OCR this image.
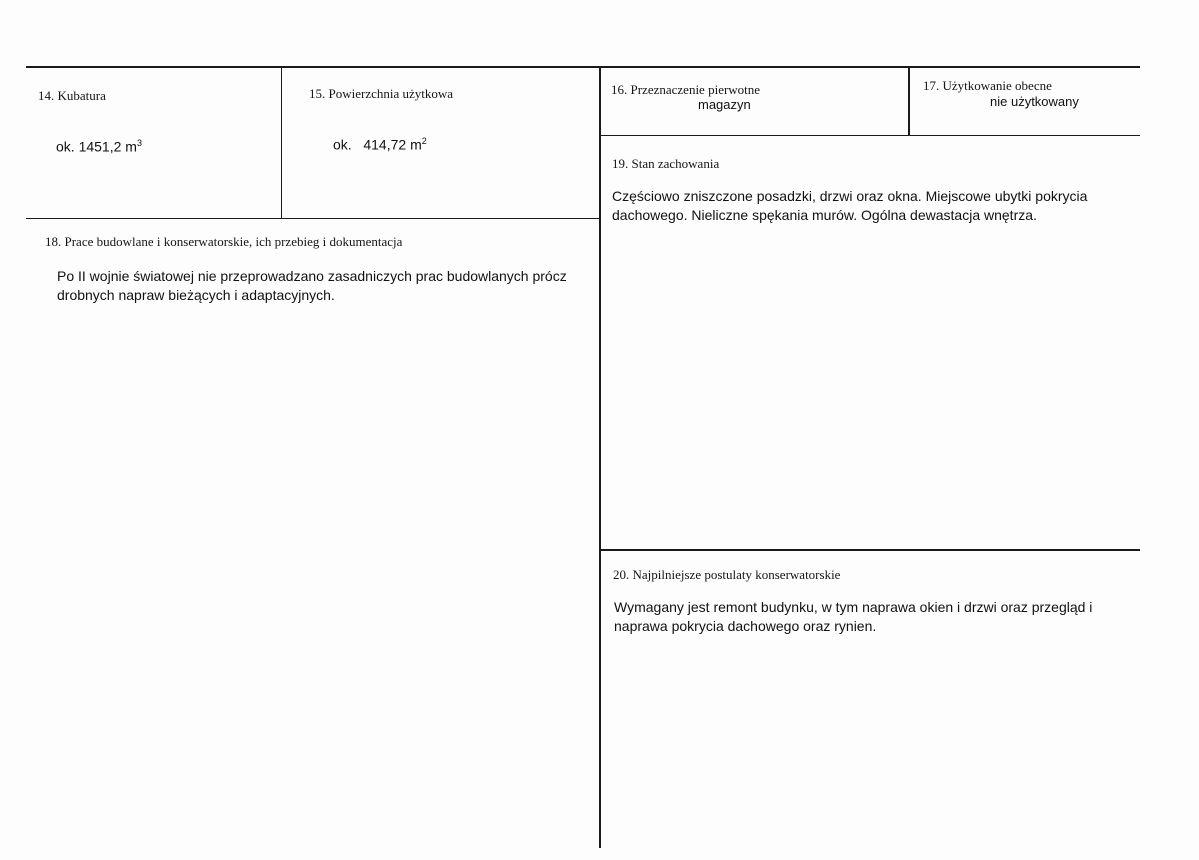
14. Kubatura
ok. 1451,2 $m^3$
15. Powierzchnia użytkowa
ok. 414,72 $m^2$
16. Przeznaczenie pierwotne
magazyn
17. Użytkowanie obecne
nie użytkowany
18. Prace budowlane i konserwatorskie, ich przebieg i dokumentacja
Po II wojnie światowej nie przeprowadzano zasadniczych prac budowlanych prócz
drobnych napraw bieżących i adaptacyjnych.
19. Stan zachowania
Częściowo zniszczone posadzki, drzwi oraz okna. Miejscowe ubytki pokrycia
dachowego. Nieliczne spękania murów. Ogólna dewastacja wnętrza.
20. Najpilniejsze postulaty konserwatorskie
Wymagany jest remont budynku, w tym naprawa okien i drzwi oraz przegląd i
naprawa pokrycia dachowego oraz rynien.
